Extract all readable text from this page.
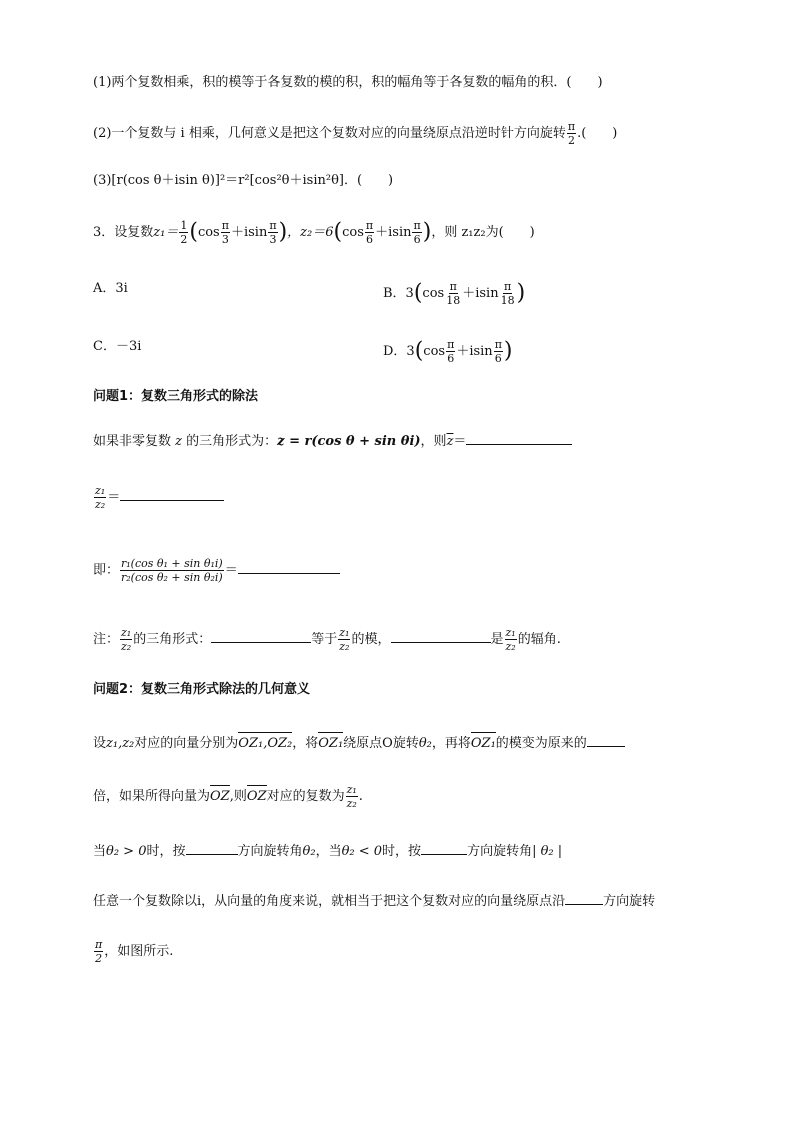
(1)两个复数相乘，积的模等于各复数的模的积，积的幅角等于各复数的幅角的积．(　　)
(2)一个复数与 i 相乘，几何意义是把这个复数对应的向量绕原点沿逆时针方向旋转 $\frac{\pi}{2}$ .(　　)
(3)[r(cos θ＋isin θ)]²＝r²[cos²θ＋isin²θ]．(　　)
3．设复数$z_1= \frac{1}{2} (\cos \frac{\pi}{3} +isin \frac{\pi}{3}$ )，$z_2=6(\cos \frac{\pi}{6} +isin \frac{\pi}{6}$ )，则 z₁z₂为(　　)
A．3i	B．$3(\cos \frac{\pi}{18} +isin \frac{\pi}{18}$ )
C．－3i	D．$3(\cos \frac{\pi}{6} +isin \frac{\pi}{6}$ )
问题1：复数三角形式的除法
如果非零复数 z 的三角形式为：z = r(cos θ + sin θi)，则$\overline{z}=$
$\frac{\text{z₁}}{\text{z₂}}$ ＝
即： $\frac{\text{r₁(cos θ₁ + sin θ₁i)}}{\text{r₂(cos θ₂ + sin θ₂i)}}$ ＝
注： $\frac{\text{z₁}}{\text{z₂}}$ 的三角形式：	等于 $\frac{\text{z₁}}{\text{z₂}}$ 的模，	是 $\frac{\text{z₁}}{\text{z₂}}$ 的辐角.
问题2：复数三角形式除法的几何意义
设z₁,z₂对应的向量分别为OZ₁,OZ₂，将OZ₁绕原点O旋转θ₂，再将OZ₁的模变为原来的
倍，如果所得向量为OZ,则OZ对应的复数为 $\frac{\text{z₁}}{\text{z₂}}$ .
当θ₂ > 0时，按	方向旋转角θ₂，当θ₂ < 0时，按	方向旋转角| θ₂ |
任意一个复数除以i，从向量的角度来说，就相当于把这个复数对应的向量绕原点沿	方向旋转
$\frac{\pi}{2}$ ，如图所示.
